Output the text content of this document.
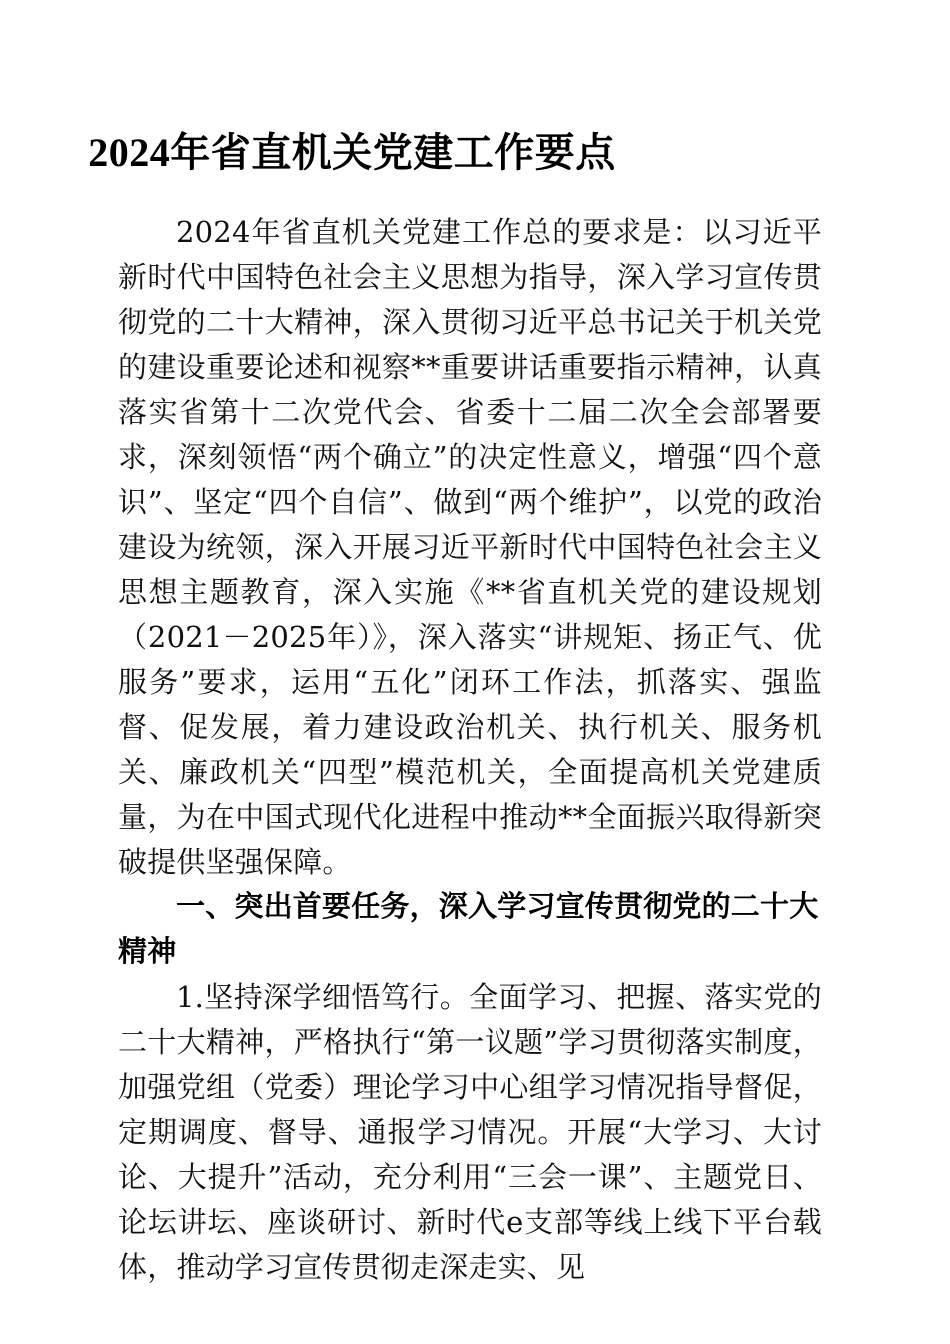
2024年省直机关党建工作要点

2024年省直机关党建工作总的要求是：以习近平新时代中国特色社会主义思想为指导，深入学习宣传贯彻党的二十大精神，深入贯彻习近平总书记关于机关党的建设重要论述和视察**重要讲话重要指示精神，认真落实省第十二次党代会、省委十二届二次全会部署要求，深刻领悟“两个确立”的决定性意义，增强“四个意识”、坚定“四个自信”、做到“两个维护”，以党的政治建设为统领，深入开展习近平新时代中国特色社会主义思想主题教育，深入实施《**省直机关党的建设规划（2021－2025年）》，深入落实“讲规矩、扬正气、优服务”要求，运用“五化”闭环工作法，抓落实、强监督、促发展，着力建设政治机关、执行机关、服务机关、廉政机关“四型”模范机关，全面提高机关党建质量，为在中国式现代化进程中推动**全面振兴取得新突破提供坚强保障。

一、突出首要任务，深入学习宣传贯彻党的二十大精神

1.坚持深学细悟笃行。全面学习、把握、落实党的二十大精神，严格执行“第一议题”学习贯彻落实制度，加强党组（党委）理论学习中心组学习情况指导督促，定期调度、督导、通报学习情况。开展“大学习、大讨论、大提升”活动，充分利用“三会一课”、主题党日、论坛讲坛、座谈研讨、新时代e支部等线上线下平台载体，推动学习宣传贯彻走深走实、见
